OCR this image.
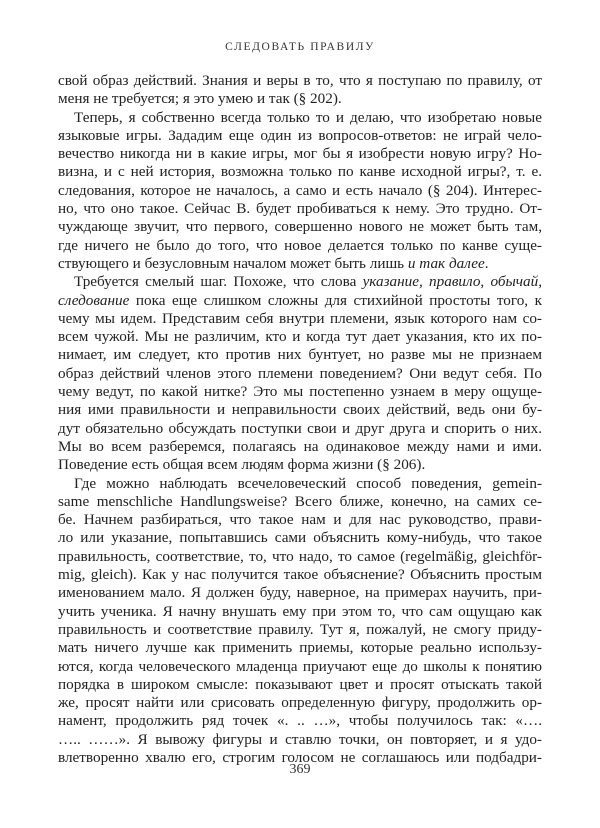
СЛЕДОВАТЬ ПРАВИЛУ
свой образ действий. Знания и веры в то, что я поступаю по правилу, от
меня не требуется; я это умею и так (§ 202).
Теперь, я собственно всегда только то и делаю, что изобретаю новые
языковые игры. Зададим еще один из вопросов-ответов: не играй чело-
вечество никогда ни в какие игры, мог бы я изобрести новую игру? Но-
визна, и с ней история, возможна только по канве исходной игры?, т. е.
следования, которое не началось, а само и есть начало (§ 204). Интерес-
но, что оно такое. Сейчас В. будет пробиваться к нему. Это трудно. От-
чуждающе звучит, что первого, совершенно нового не может быть там,
где ничего не было до того, что новое делается только по канве суще-
ствующего и безусловным началом может быть лишь и так далее.
Требуется смелый шаг. Похоже, что слова указание, правило, обычай,
следование пока еще слишком сложны для стихийной простоты того, к
чему мы идем. Представим себя внутри племени, язык которого нам со-
всем чужой. Мы не различим, кто и когда тут дает указания, кто их по-
нимает, им следует, кто против них бунтует, но разве мы не признаем
образ действий членов этого племени поведением? Они ведут себя. По
чему ведут, по какой нитке? Это мы постепенно узнаем в меру ощуще-
ния ими правильности и неправильности своих действий, ведь они бу-
дут обязательно обсуждать поступки свои и друг друга и спорить о них.
Мы во всем разберемся, полагаясь на одинаковое между нами и ими.
Поведение есть общая всем людям форма жизни (§ 206).
Где можно наблюдать всечеловеческий способ поведения, gemein-
same menschliche Handlungsweise? Всего ближе, конечно, на самих се-
бе. Начнем разбираться, что такое нам и для нас руководство, прави-
ло или указание, попытавшись сами объяснить кому-нибудь, что такое
правильность, соответствие, то, что надо, то самое (regelmäßig, gleichför-
mig, gleich). Как у нас получится такое объяснение? Объяснить простым
именованием мало. Я должен буду, наверное, на примерах научить, при-
учить ученика. Я начну внушать ему при этом то, что сам ощущаю как
правильность и соответствие правилу. Тут я, пожалуй, не смогу приду-
мать ничего лучше как применить приемы, которые реально использу-
ются, когда человеческого младенца приучают еще до школы к понятию
порядка в широком смысле: показывают цвет и просят отыскать такой
же, просят найти или срисовать определенную фигуру, продолжить ор-
намент, продолжить ряд точек «. .. …», чтобы получилось так: «….
….. ……». Я вывожу фигуры и ставлю точки, он повторяет, и я удо-
влетворенно хвалю его, строгим голосом не соглашаюсь или подбадри-
369
